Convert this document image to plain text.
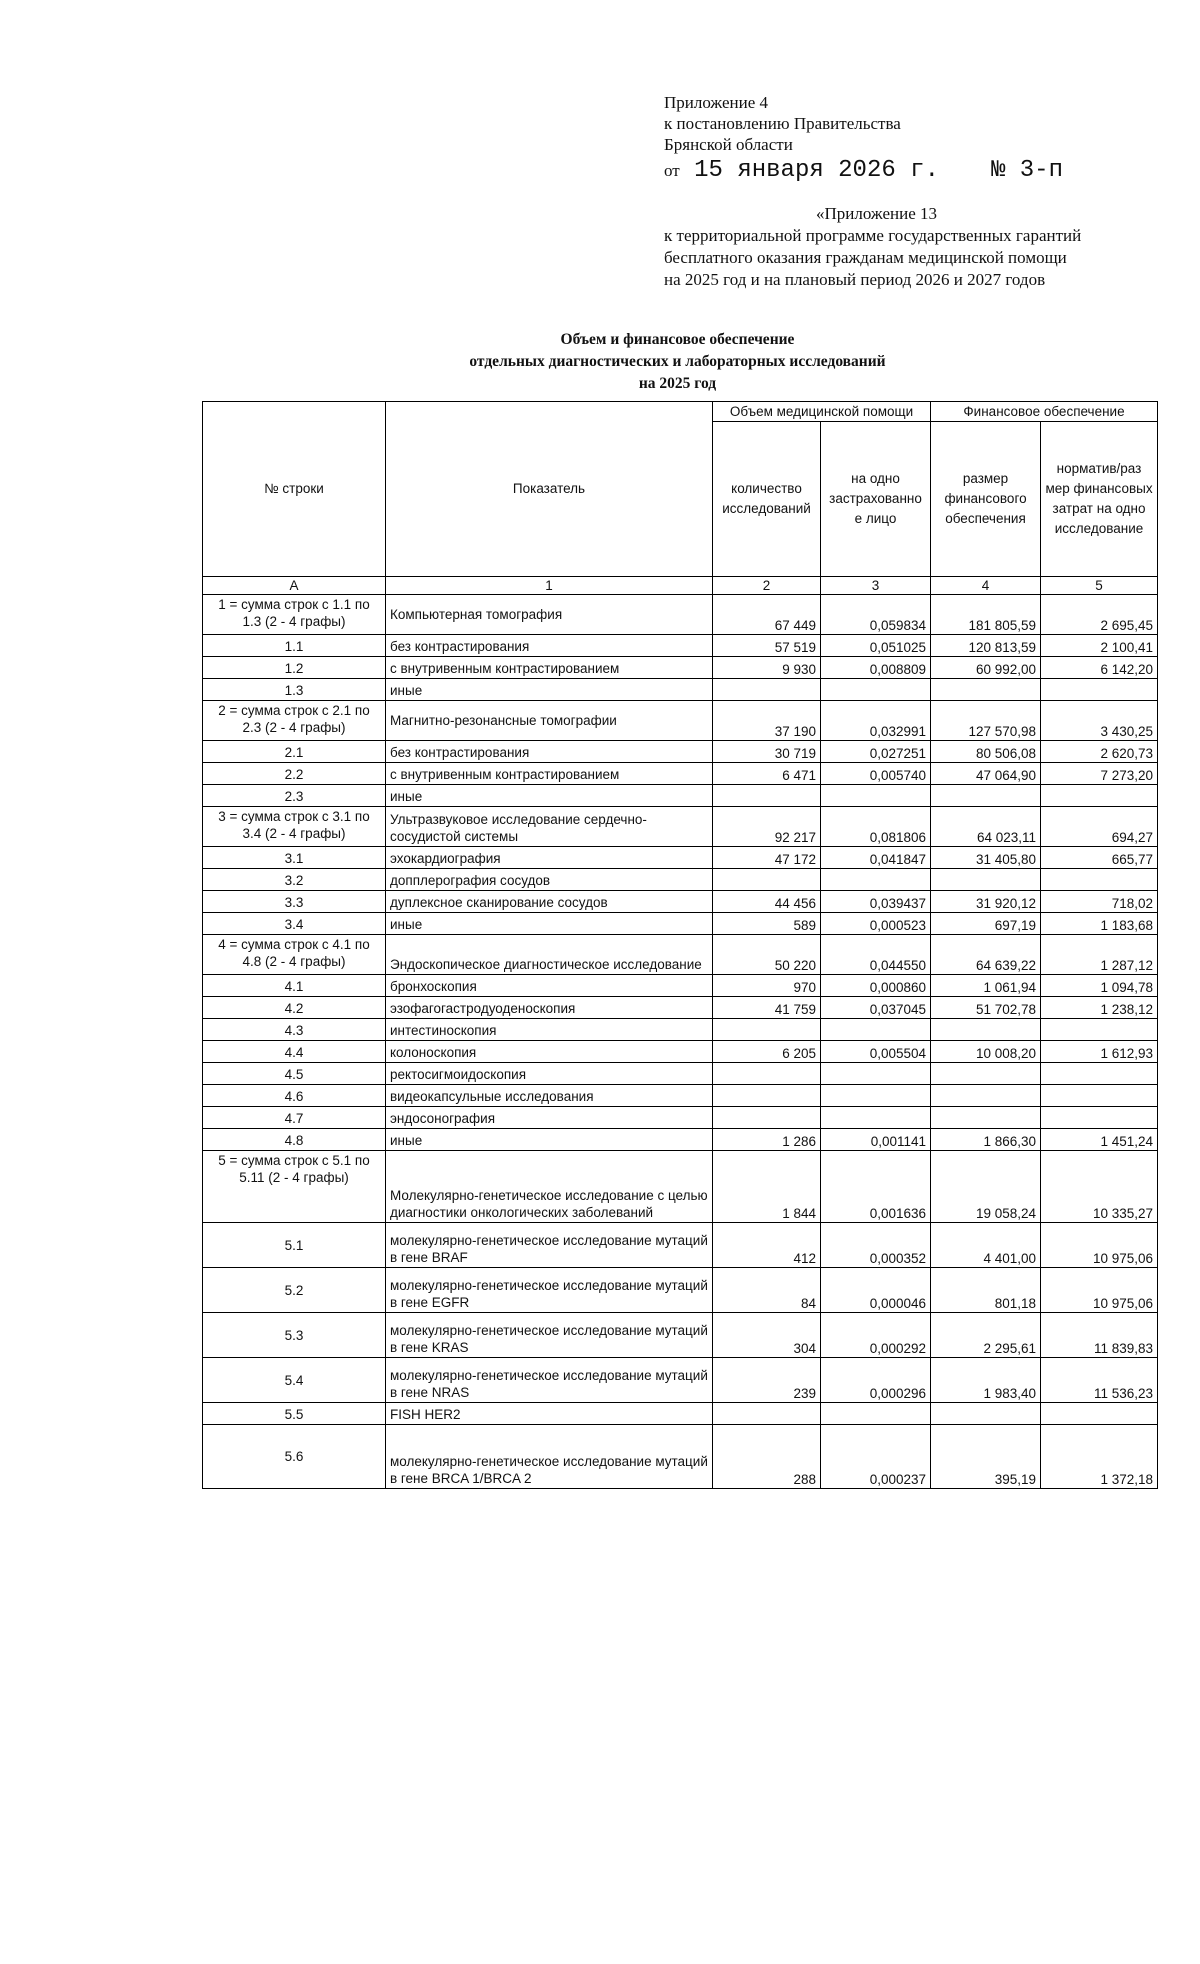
Приложение 4
к постановлению Правительства
Брянской области
от 15 января 2026 г. № 3-п
«Приложение 13
к территориальной программе государственных гарантий
бесплатного оказания гражданам медицинской помощи
на 2025 год и на плановый период 2026 и 2027 годов
Объем и финансовое обеспечение
отдельных диагностических и лабораторных исследований
на 2025 год
№ строки	Показатель	Объем медицинской помощи		Финансовое обеспечение	
		количество исследований	на одно застрахованно е лицо	размер финансового обеспечения	норматив/раз мер финансовых затрат на одно исследование
А	1	2	3	4	5
1 = сумма строк с 1.1 по 1.3 (2 - 4 графы)	Компьютерная томография	67 449	0,059834	181 805,59	2 695,45
1.1	без контрастирования	57 519	0,051025	120 813,59	2 100,41
1.2	с внутривенным контрастированием	9 930	0,008809	60 992,00	6 142,20
1.3	иные				
2 = сумма строк с 2.1 по 2.3 (2 - 4 графы)	Магнитно-резонансные томографии	37 190	0,032991	127 570,98	3 430,25
2.1	без контрастирования	30 719	0,027251	80 506,08	2 620,73
2.2	с внутривенным контрастированием	6 471	0,005740	47 064,90	7 273,20
2.3	иные				
3 = сумма строк с 3.1 по 3.4 (2 - 4 графы)	Ультразвуковое исследование сердечно-сосудистой системы	92 217	0,081806	64 023,11	694,27
3.1	эхокардиография	47 172	0,041847	31 405,80	665,77
3.2	допплерография сосудов				
3.3	дуплексное сканирование сосудов	44 456	0,039437	31 920,12	718,02
3.4	иные	589	0,000523	697,19	1 183,68
4 = сумма строк с 4.1 по 4.8 (2 - 4 графы)	Эндоскопическое диагностическое исследование	50 220	0,044550	64 639,22	1 287,12
4.1	бронхоскопия	970	0,000860	1 061,94	1 094,78
4.2	эзофагогастродуоденоскопия	41 759	0,037045	51 702,78	1 238,12
4.3	интестиноскопия				
4.4	колоноскопия	6 205	0,005504	10 008,20	1 612,93
4.5	ректосигмоидоскопия				
4.6	видеокапсульные исследования				
4.7	эндосонография				
4.8	иные	1 286	0,001141	1 866,30	1 451,24
5 = сумма строк с 5.1 по 5.11 (2 - 4 графы)	Молекулярно-генетическое исследование с целью диагностики онкологических заболеваний	1 844	0,001636	19 058,24	10 335,27
5.1	молекулярно-генетическое исследование мутаций в гене BRAF	412	0,000352	4 401,00	10 975,06
5.2	молекулярно-генетическое исследование мутаций в гене EGFR	84	0,000046	801,18	10 975,06
5.3	молекулярно-генетическое исследование мутаций в гене KRAS	304	0,000292	2 295,61	11 839,83
5.4	молекулярно-генетическое исследование мутаций в гене NRAS	239	0,000296	1 983,40	11 536,23
5.5	FISH HER2				
5.6	молекулярно-генетическое исследование мутаций в гене BRCA 1/BRCA 2	288	0,000237	395,19	1 372,18
